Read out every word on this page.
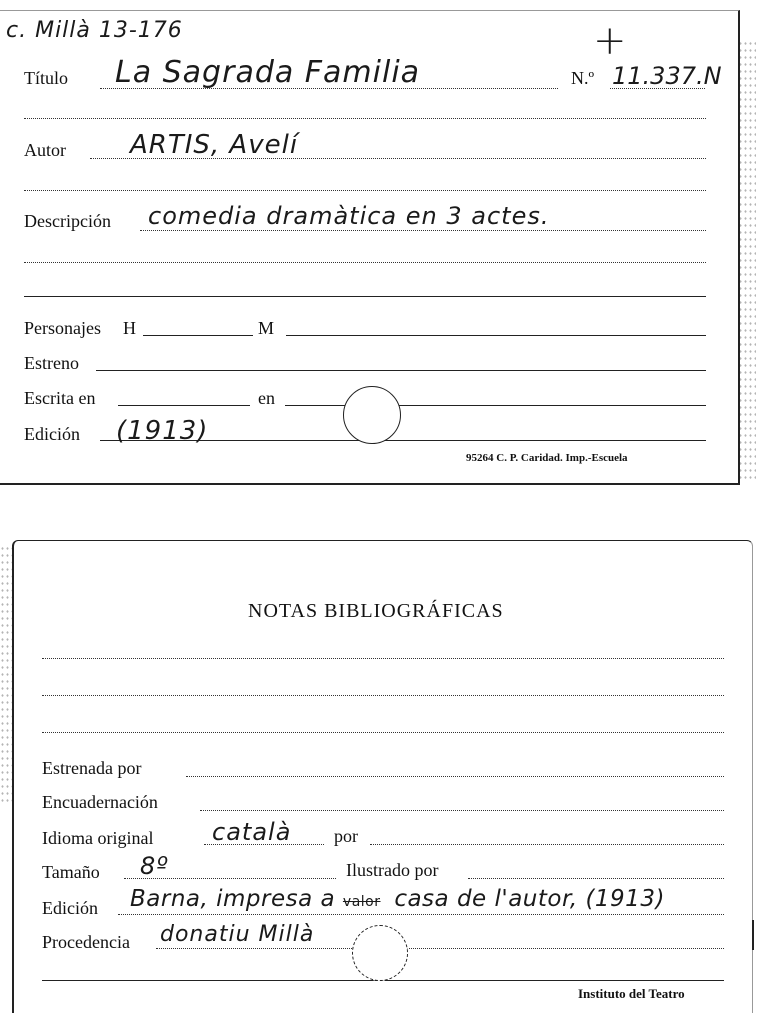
c. Millà 13-176	+
Título La Sagrada Familia	N.º 11.337.N
Autor ARTIS, Avelí
Descripción comedia dramàtica en 3 actes.
Personajes H	M
Estreno
Escrita en	en
Edición (1913)
95264 C. P. Caridad. Imp.-Escuela
NOTAS BIBLIOGRÁFICAS
Estrenada por
Encuadernación
Idioma original català por
Tamaño 8º	Ilustrado por
Edición Barna, impresa a valor casa de l'autor, (1913)
Procedencia donatiu Millà
Instituto del Teatro
